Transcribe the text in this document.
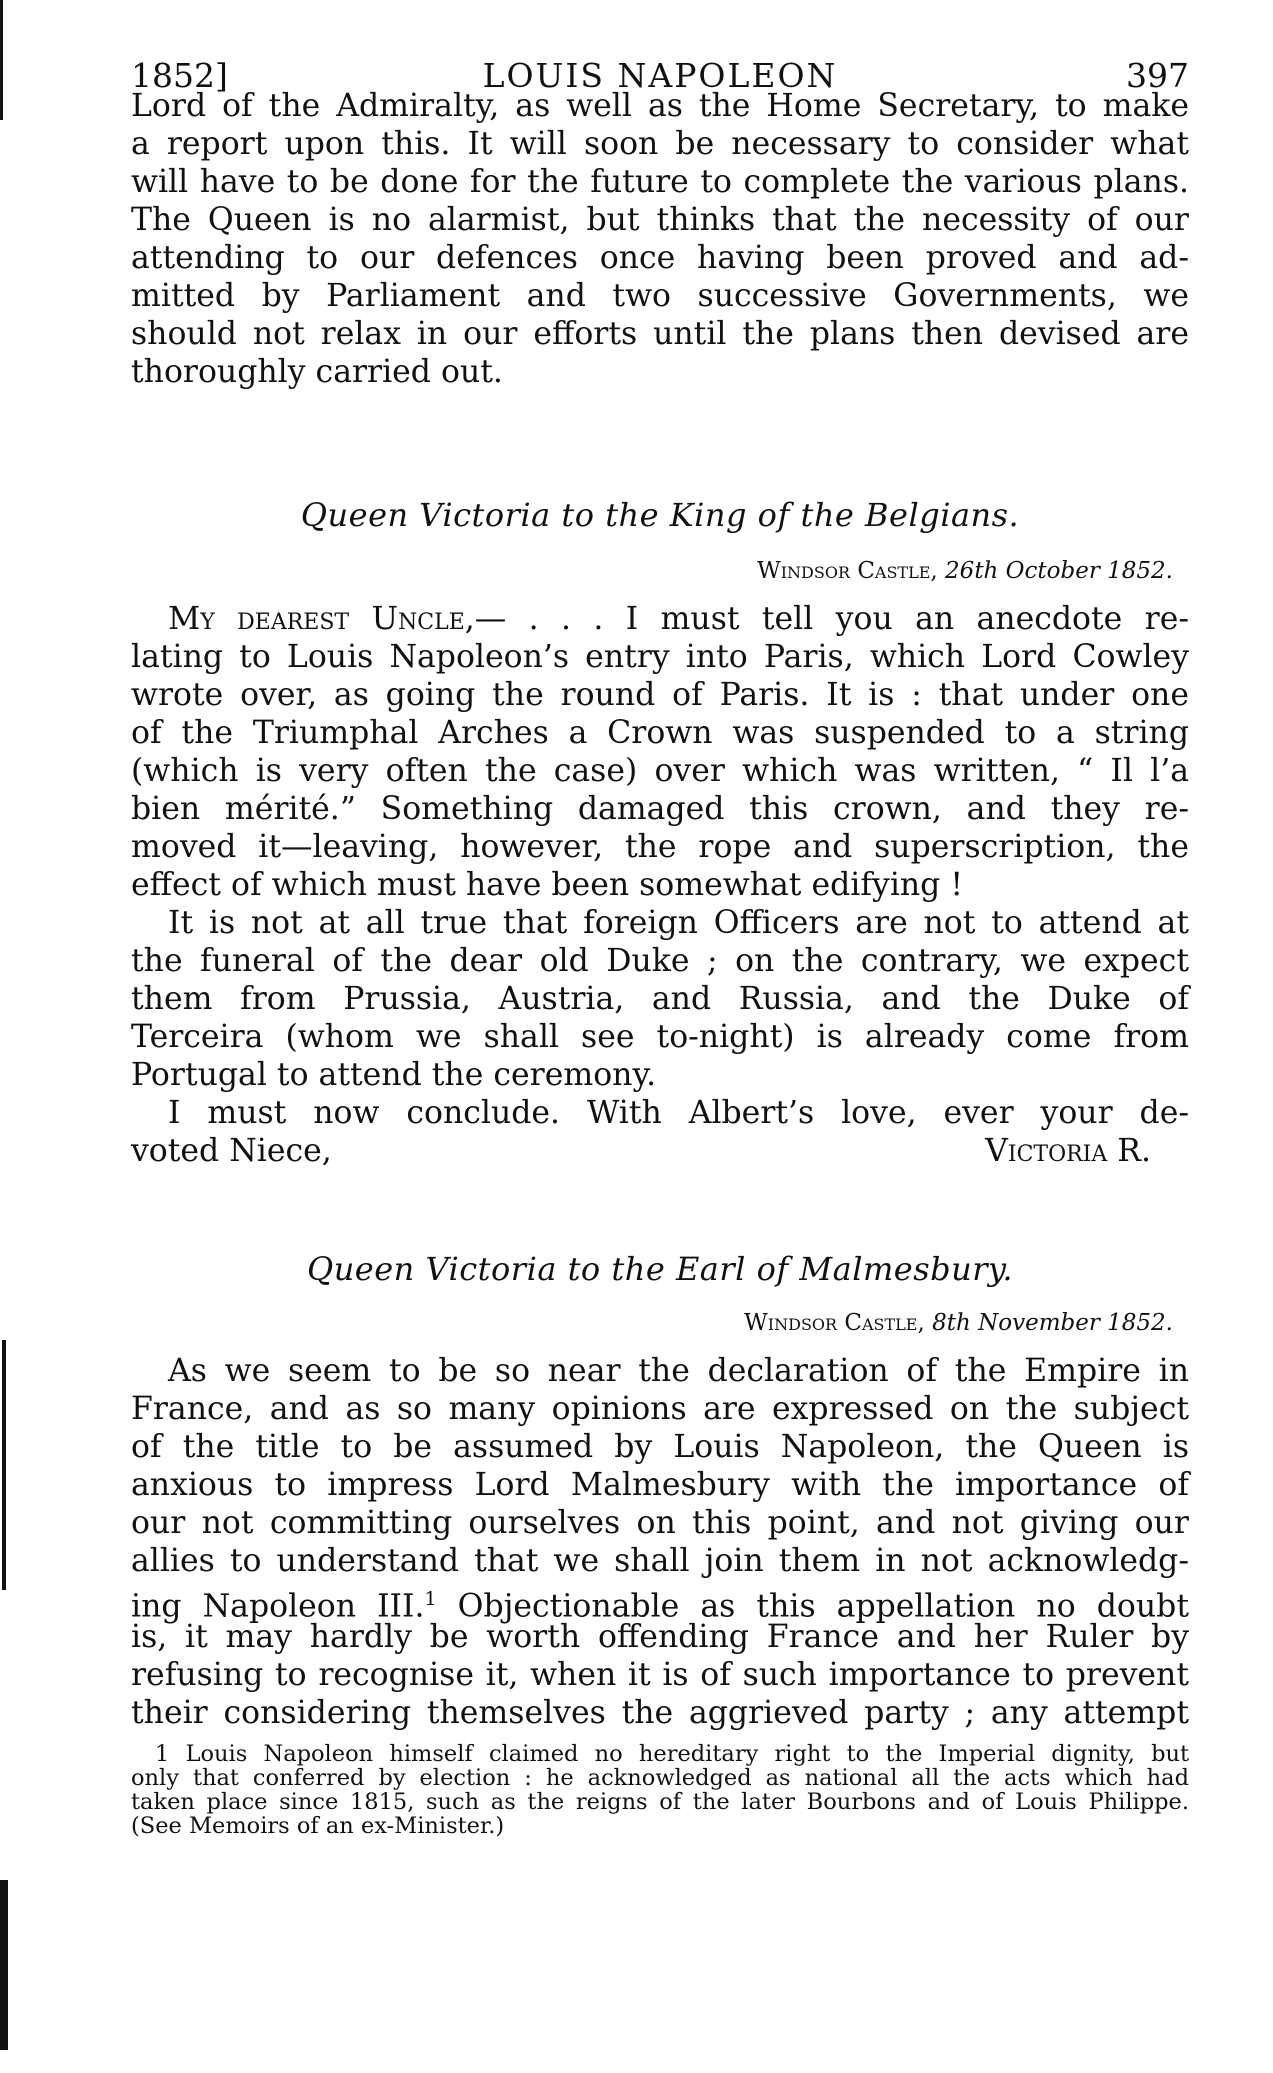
1852]	LOUIS NAPOLEON	397
Lord of the Admiralty, as well as the Home Secretary, to make
a report upon this. It will soon be necessary to consider what
will have to be done for the future to complete the various plans.
The Queen is no alarmist, but thinks that the necessity of our
attending to our defences once having been proved and ad-
mitted by Parliament and two successive Governments, we
should not relax in our efforts until the plans then devised are
thoroughly carried out.
Queen Victoria to the King of the Belgians.
Windsor Castle, 26th October 1852.
My dearest Uncle,— . . . I must tell you an anecdote re-
lating to Louis Napoleon’s entry into Paris, which Lord Cowley
wrote over, as going the round of Paris. It is : that under one
of the Triumphal Arches a Crown was suspended to a string
(which is very often the case) over which was written, “ Il l’a
bien mérité.” Something damaged this crown, and they re-
moved it—leaving, however, the rope and superscription, the
effect of which must have been somewhat edifying !
It is not at all true that foreign Officers are not to attend at
the funeral of the dear old Duke ; on the contrary, we expect
them from Prussia, Austria, and Russia, and the Duke of
Terceira (whom we shall see to-night) is already come from
Portugal to attend the ceremony.
I must now conclude. With Albert’s love, ever your de-
voted Niece,	Victoria R.
Queen Victoria to the Earl of Malmesbury.
Windsor Castle, 8th November 1852.
As we seem to be so near the declaration of the Empire in
France, and as so many opinions are expressed on the subject
of the title to be assumed by Louis Napoleon, the Queen is
anxious to impress Lord Malmesbury with the importance of
our not committing ourselves on this point, and not giving our
allies to understand that we shall join them in not acknowledg-
ing Napoleon III.$^1$ Objectionable as this appellation no doubt
is, it may hardly be worth offending France and her Ruler by
refusing to recognise it, when it is of such importance to prevent
their considering themselves the aggrieved party ; any attempt
1 Louis Napoleon himself claimed no hereditary right to the Imperial dignity, but
only that conferred by election : he acknowledged as national all the acts which had
taken place since 1815, such as the reigns of the later Bourbons and of Louis Philippe.
(See Memoirs of an ex-Minister.)
